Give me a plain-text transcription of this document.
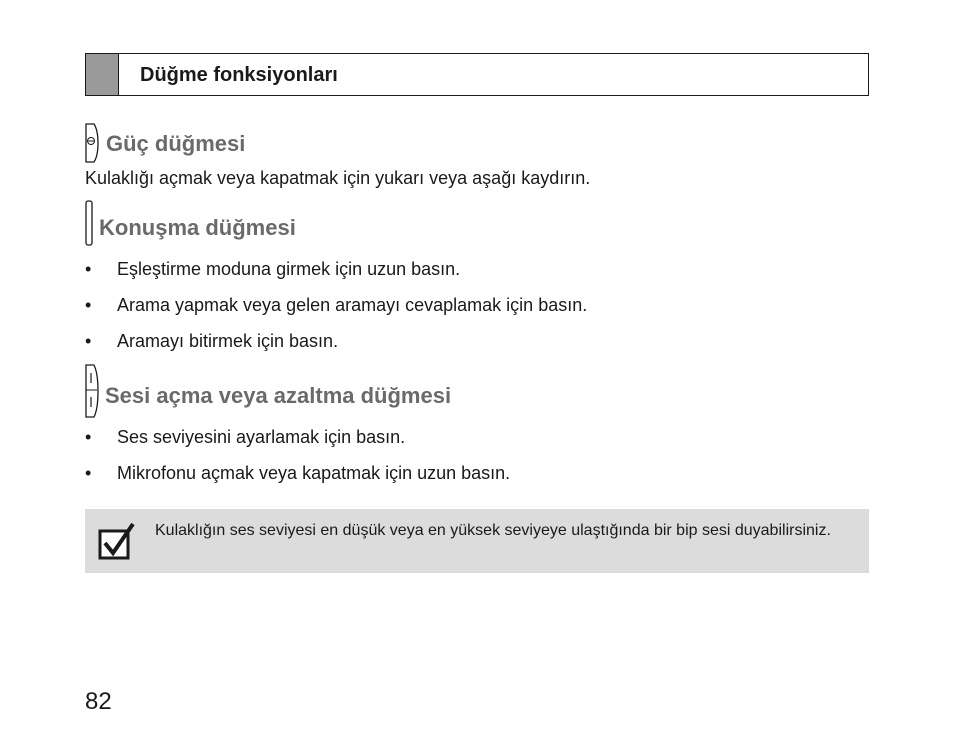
Düğme fonksiyonları
Güç düğmesi
Kulaklığı açmak veya kapatmak için yukarı veya aşağı kaydırın.
Konuşma düğmesi
• Eşleştirme moduna girmek için uzun basın.
• Arama yapmak veya gelen aramayı cevaplamak için basın.
• Aramayı bitirmek için basın.
Sesi açma veya azaltma düğmesi
• Ses seviyesini ayarlamak için basın.
• Mikrofonu açmak veya kapatmak için uzun basın.
Kulaklığın ses seviyesi en düşük veya en yüksek seviyeye ulaştığında bir bip sesi duyabilirsiniz.
82
